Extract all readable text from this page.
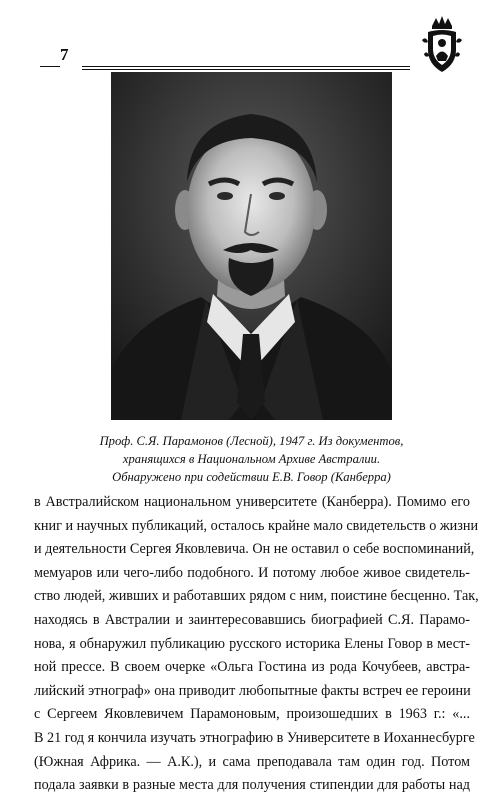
7
Проф. С.Я. Парамонов (Лесной), 1947 г. Из документов,
хранящихся в Национальном Архиве Австралии.
Обнаружено при содействии Е.В. Говор (Канберра)
в Австралийском национальном университете (Канберра). Помимо его
книг и научных публикаций, осталось крайне мало свидетельств о жизни
и деятельности Сергея Яковлевича. Он не оставил о себе воспоминаний,
мемуаров или чего-либо подобного. И потому любое живое свидетель-
ство людей, живших и работавших рядом с ним, поистине бесценно. Так,
находясь в Австралии и заинтересовавшись биографией С.Я. Парамо-
нова, я обнаружил публикацию русского историка Елены Говор в мест-
ной прессе. В своем очерке «Ольга Гостина из рода Кочубеев, австра-
лийский этнограф» она приводит любопытные факты встреч ее героини
с Сергеем Яковлевичем Парамоновым, произошедших в 1963 г.: «...
В 21 год я кончила изучать этнографию в Университете в Иоханнесбурге
(Южная Африка. — А.К.), и сама преподавала там один год. Потом
подала заявки в разные места для получения стипендии для работы над
